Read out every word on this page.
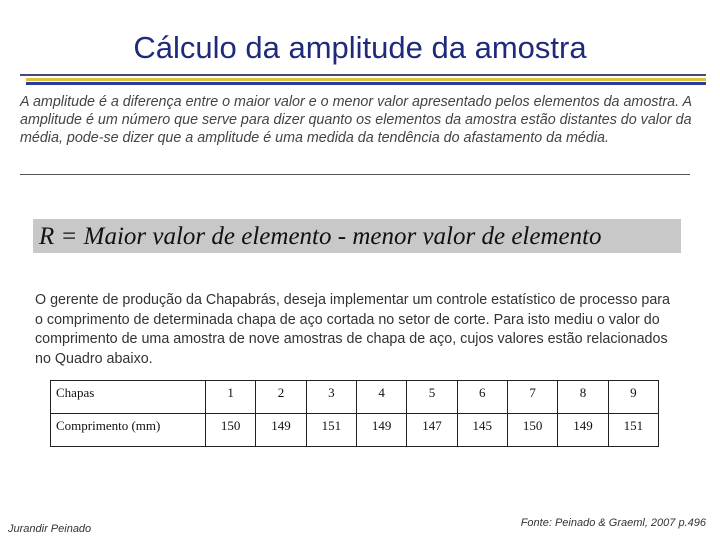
Cálculo da amplitude da amostra
A amplitude é a diferença entre o maior valor e o menor valor apresentado pelos elementos da amostra. A amplitude é um número que serve para dizer quanto os elementos da amostra estão distantes do valor da média, pode-se dizer que a amplitude é uma medida da tendência do afastamento da média.
R = Maior valor de elemento - menor valor de elemento
O gerente de produção da Chapabrás, deseja implementar um controle estatístico de processo para o comprimento de determinada chapa de aço cortada no setor de corte. Para isto mediu o valor do comprimento de uma amostra de nove amostras de chapa de aço, cujos valores estão relacionados no Quadro abaixo.
Chapas	1	2	3	4	5	6	7	8	9
Comprimento (mm)	150	149	151	149	147	145	150	149	151
Jurandir Peinado	Fonte: Peinado & Graeml, 2007 p.496
